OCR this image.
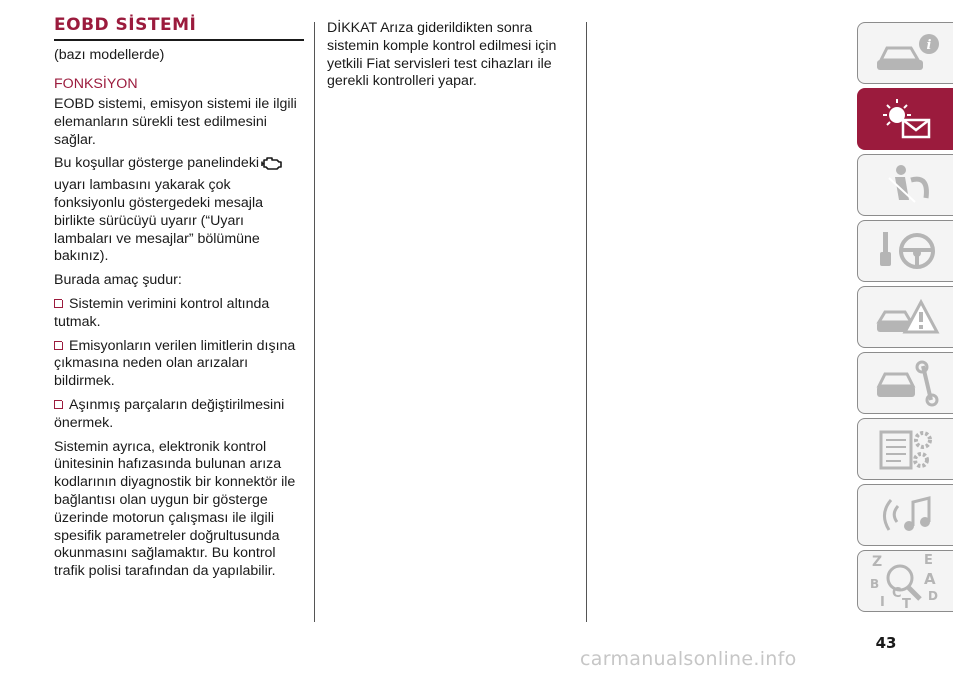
EOBD SİSTEMİ
(bazı modellerde)
FONKSİYON

EOBD sistemi, emisyon sistemi ile ilgili elemanların sürekli test edilmesini sağlar.

Bu koşullar gösterge panelindeki uyarı lambasını yakarak çok fonksiyonlu göstergedeki mesajla birlikte sürücüyü uyarır (“Uyarı lambaları ve mesajlar” bölümüne bakınız).

Burada amaç şudur:

Sistemin verimini kontrol altında tutmak.

Emisyonların verilen limitlerin dışına çıkmasına neden olan arızaları bildirmek.

Aşınmış parçaların değiştirilmesini önermek.

Sistemin ayrıca, elektronik kontrol ünitesinin hafızasında bulunan arıza kodlarının diyagnostik bir konnektör ile bağlantısı olan uygun bir gösterge üzerinde motorun çalışması ile ilgili spesifik parametreler doğrultusunda okunmasını sağlamaktır. Bu kontrol trafik polisi tarafından da yapılabilir.

DİKKAT Arıza giderildikten sonra sistemin komple kontrol edilmesi için yetkili Fiat servisleri test cihazları ile gerekli kontrolleri yapar.

i
Z	E
A
B
C D
I T
43
carmanualsonline.info
